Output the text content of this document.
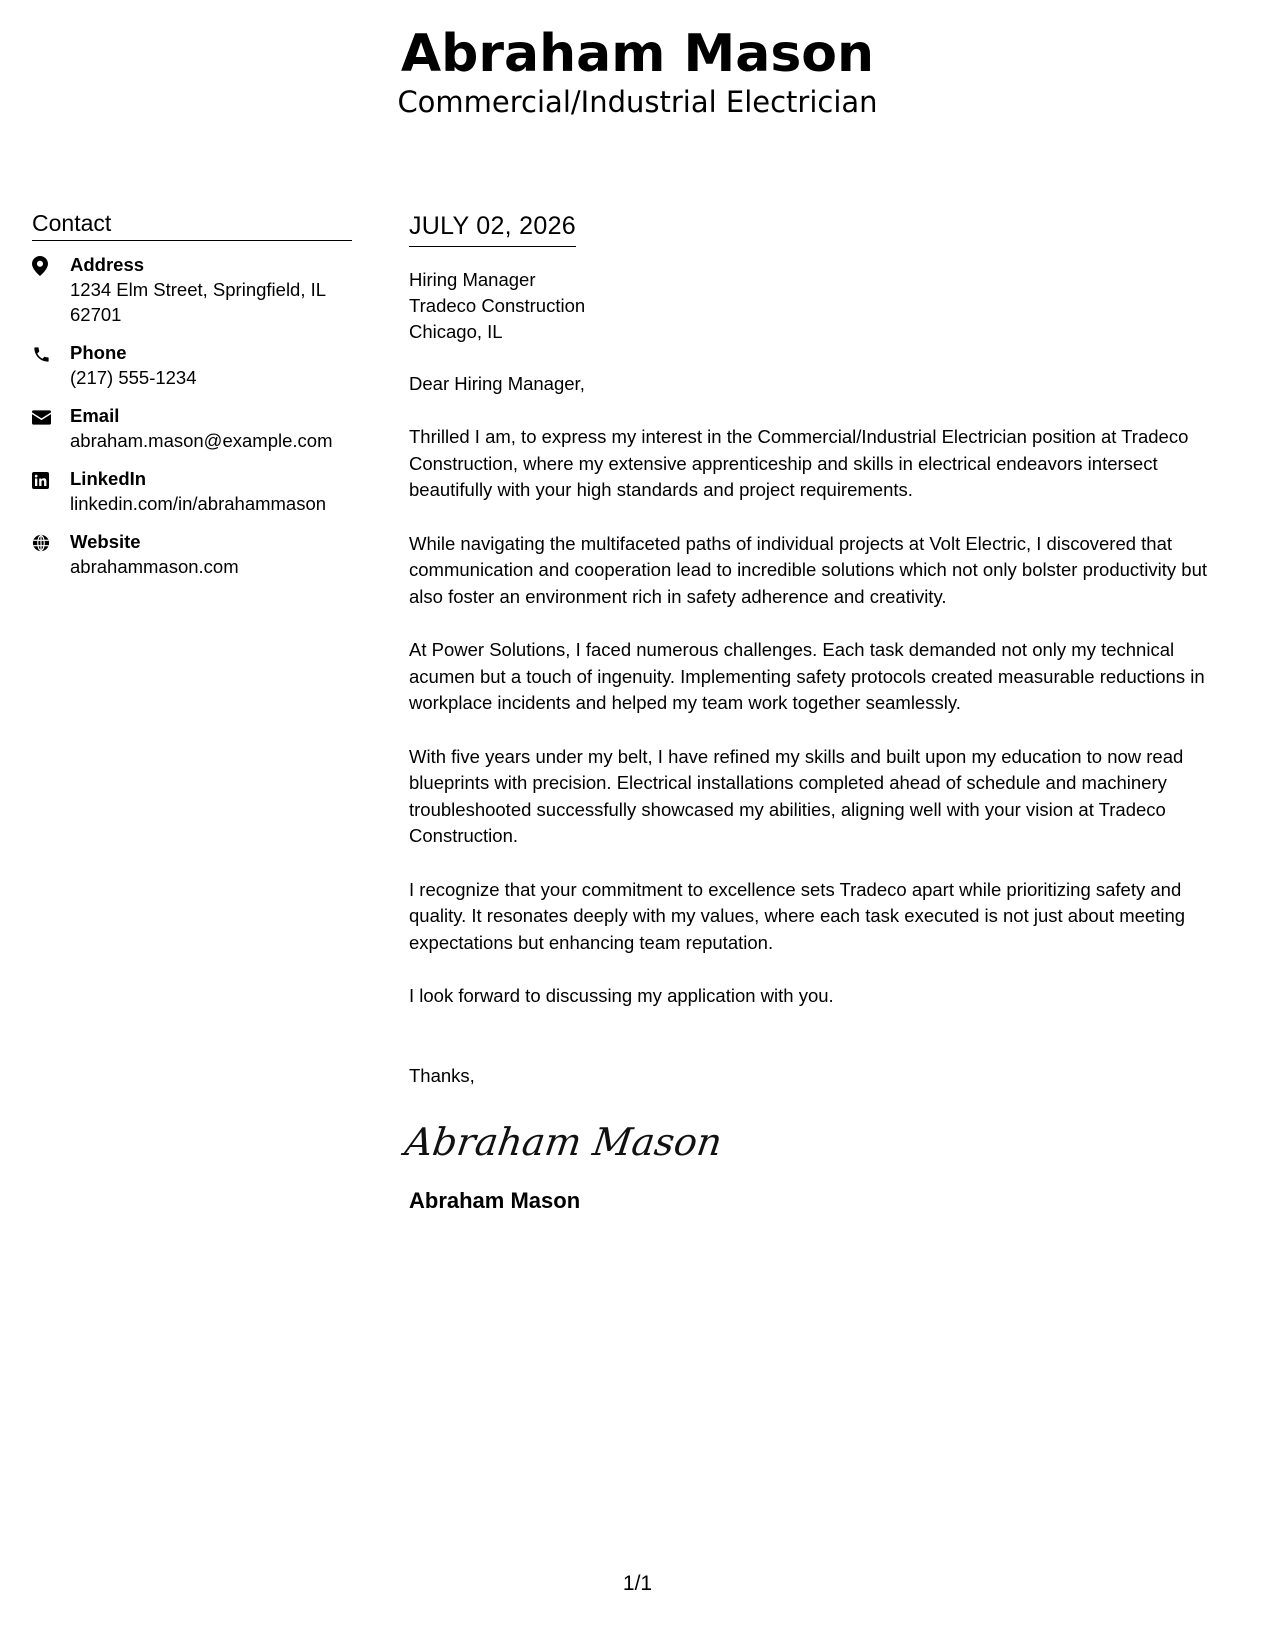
Abraham Mason
Commercial/Industrial Electrician
Contact
Address
1234 Elm Street, Springfield, IL 62701
Phone
(217) 555-1234
Email
abraham.mason@example.com
LinkedIn
linkedin.com/in/abrahammason
Website
abrahammason.com
JULY 02, 2026
Hiring Manager
Tradeco Construction
Chicago, IL
Dear Hiring Manager,
Thrilled I am, to express my interest in the Commercial/Industrial Electrician position at Tradeco Construction, where my extensive apprenticeship and skills in electrical endeavors intersect beautifully with your high standards and project requirements.
While navigating the multifaceted paths of individual projects at Volt Electric, I discovered that communication and cooperation lead to incredible solutions which not only bolster productivity but also foster an environment rich in safety adherence and creativity.
At Power Solutions, I faced numerous challenges. Each task demanded not only my technical acumen but a touch of ingenuity. Implementing safety protocols created measurable reductions in workplace incidents and helped my team work together seamlessly.
With five years under my belt, I have refined my skills and built upon my education to now read blueprints with precision. Electrical installations completed ahead of schedule and machinery troubleshooted successfully showcased my abilities, aligning well with your vision at Tradeco Construction.
I recognize that your commitment to excellence sets Tradeco apart while prioritizing safety and quality. It resonates deeply with my values, where each task executed is not just about meeting expectations but enhancing team reputation.
I look forward to discussing my application with you.
Thanks,
Abraham Mason
Abraham Mason
1/1
